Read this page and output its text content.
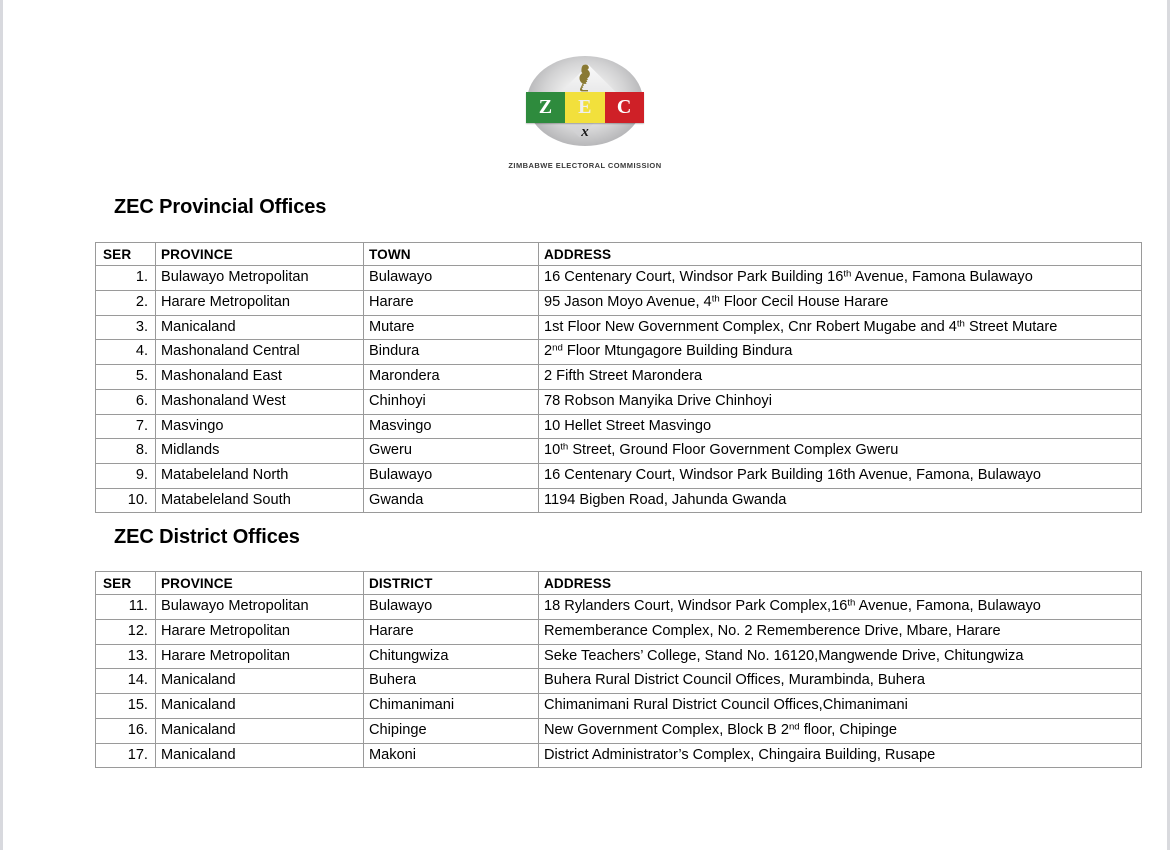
Z	E	C
x
ZIMBABWE ELECTORAL COMMISSION
ZEC Provincial Offices
SER	PROVINCE	TOWN	ADDRESS
1.	Bulawayo Metropolitan	Bulawayo	16 Centenary Court, Windsor Park Building 16th Avenue, Famona Bulawayo
2.	Harare Metropolitan	Harare	95 Jason Moyo Avenue, 4th Floor Cecil House Harare
3.	Manicaland	Mutare	1st Floor New Government Complex, Cnr Robert Mugabe and 4th Street Mutare
4.	Mashonaland Central	Bindura	2nd Floor Mtungagore Building Bindura
5.	Mashonaland East	Marondera	2 Fifth Street Marondera
6.	Mashonaland West	Chinhoyi	78 Robson Manyika Drive Chinhoyi
7.	Masvingo	Masvingo	10 Hellet Street Masvingo
8.	Midlands	Gweru	10th Street, Ground Floor Government Complex Gweru
9.	Matabeleland North	Bulawayo	16 Centenary Court, Windsor Park Building 16th Avenue, Famona, Bulawayo
10.	Matabeleland South	Gwanda	1194 Bigben Road, Jahunda Gwanda
ZEC District Offices
SER	PROVINCE	DISTRICT	ADDRESS
11.	Bulawayo Metropolitan	Bulawayo	18 Rylanders Court, Windsor Park Complex,16th Avenue, Famona, Bulawayo
12.	Harare Metropolitan	Harare	Rememberance Complex, No. 2 Rememberence Drive, Mbare, Harare
13.	Harare Metropolitan	Chitungwiza	Seke Teachers’ College, Stand No. 16120,Mangwende Drive, Chitungwiza
14.	Manicaland	Buhera	Buhera Rural District Council Offices, Murambinda, Buhera
15.	Manicaland	Chimanimani	Chimanimani Rural District Council Offices,Chimanimani
16.	Manicaland	Chipinge	New Government Complex, Block B 2nd floor, Chipinge
17.	Manicaland	Makoni	District Administrator’s Complex, Chingaira Building, Rusape
